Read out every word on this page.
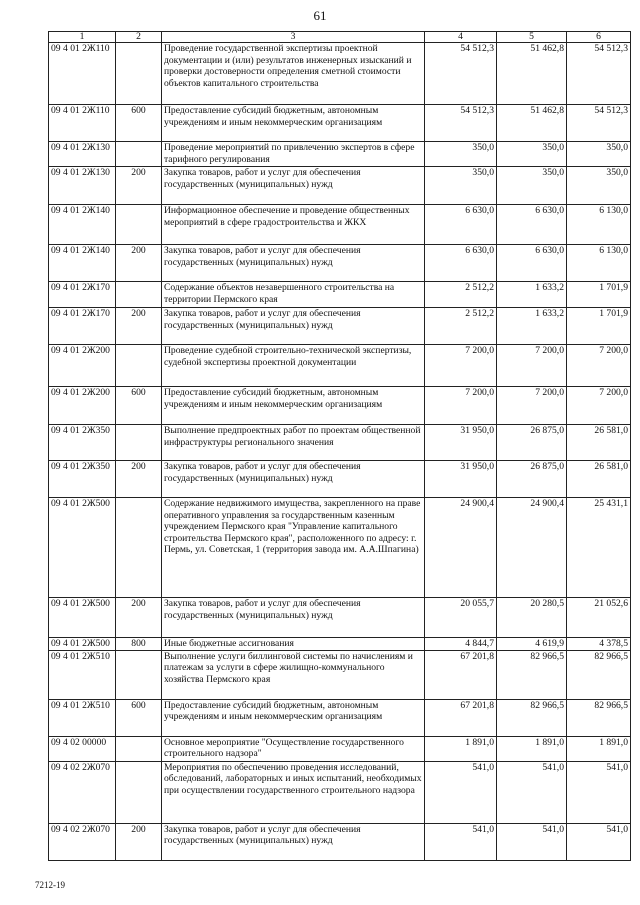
61
1	2	3	4	5	6
09 4 01 2Ж110		Проведение государственной экспертизы проектной документации и (или) результатов инженерных изысканий и проверки достоверности определения сметной стоимости объектов капитального строительства	54 512,3	51 462,8	54 512,3
09 4 01 2Ж110	600	Предоставление субсидий бюджетным, автономным учреждениям и иным некоммерческим организациям	54 512,3	51 462,8	54 512,3
09 4 01 2Ж130		Проведение мероприятий по привлечению экспертов в сфере тарифного регулирования	350,0	350,0	350,0
09 4 01 2Ж130	200	Закупка товаров, работ и услуг для обеспечения государственных (муниципальных) нужд	350,0	350,0	350,0
09 4 01 2Ж140		Информационное обеспечение и проведение общественных мероприятий в сфере градостроительства и ЖКХ	6 630,0	6 630,0	6 130,0
09 4 01 2Ж140	200	Закупка товаров, работ и услуг для обеспечения государственных (муниципальных) нужд	6 630,0	6 630,0	6 130,0
09 4 01 2Ж170		Содержание объектов незавершенного строительства на территории Пермского края	2 512,2	1 633,2	1 701,9
09 4 01 2Ж170	200	Закупка товаров, работ и услуг для обеспечения государственных (муниципальных) нужд	2 512,2	1 633,2	1 701,9
09 4 01 2Ж200		Проведение судебной строительно-технической экспертизы, судебной экспертизы проектной документации	7 200,0	7 200,0	7 200,0
09 4 01 2Ж200	600	Предоставление субсидий бюджетным, автономным учреждениям и иным некоммерческим организациям	7 200,0	7 200,0	7 200,0
09 4 01 2Ж350		Выполнение предпроектных работ по проектам общественной инфраструктуры регионального значения	31 950,0	26 875,0	26 581,0
09 4 01 2Ж350	200	Закупка товаров, работ и услуг для обеспечения государственных (муниципальных) нужд	31 950,0	26 875,0	26 581,0
09 4 01 2Ж500		Содержание недвижимого имущества, закрепленного на праве оперативного управления за государственным казенным учреждением Пермского края "Управление капитального строительства Пермского края", расположенного по адресу: г. Пермь, ул. Советская, 1 (территория завода им. А.А.Шпагина)	24 900,4	24 900,4	25 431,1
09 4 01 2Ж500	200	Закупка товаров, работ и услуг для обеспечения государственных (муниципальных) нужд	20 055,7	20 280,5	21 052,6
09 4 01 2Ж500	800	Иные бюджетные ассигнования	4 844,7	4 619,9	4 378,5
09 4 01 2Ж510		Выполнение услуги биллинговой системы по начислениям и платежам за услуги в сфере жилищно-коммунального хозяйства Пермского края	67 201,8	82 966,5	82 966,5
09 4 01 2Ж510	600	Предоставление субсидий бюджетным, автономным учреждениям и иным некоммерческим организациям	67 201,8	82 966,5	82 966,5
09 4 02 00000		Основное мероприятие "Осуществление государственного строительного надзора"	1 891,0	1 891,0	1 891,0
09 4 02 2Ж070		Мероприятия по обеспечению проведения исследований, обследований, лабораторных и иных испытаний, необходимых при осуществлении государственного строительного надзора	541,0	541,0	541,0
09 4 02 2Ж070	200	Закупка товаров, работ и услуг для обеспечения государственных (муниципальных) нужд	541,0	541,0	541,0
7212-19
